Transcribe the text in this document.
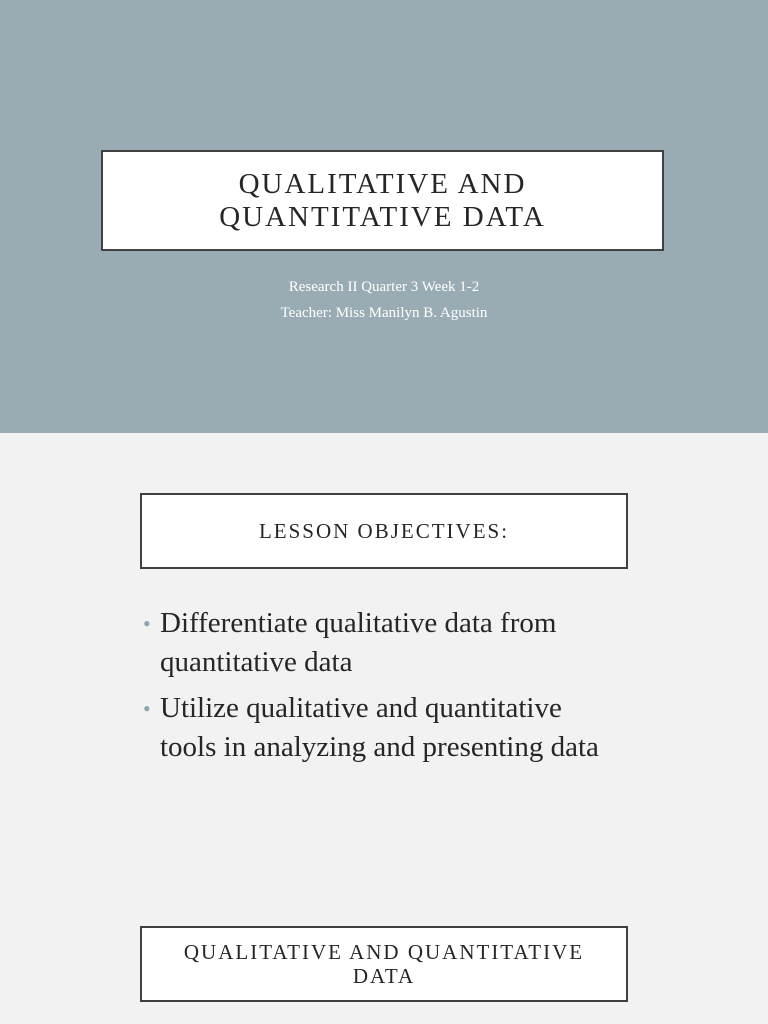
QUALITATIVE AND QUANTITATIVE DATA
Research II Quarter 3 Week 1-2
Teacher: Miss Manilyn B. Agustin
LESSON OBJECTIVES:
• Differentiate qualitative data from quantitative data
• Utilize qualitative and quantitative tools in analyzing and presenting data
QUALITATIVE AND QUANTITATIVE DATA
